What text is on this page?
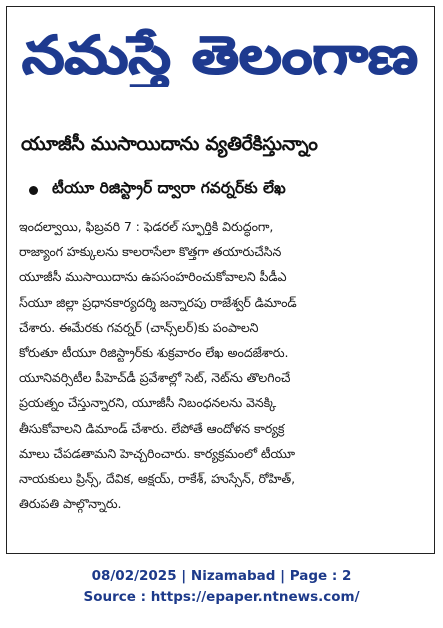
నమస్తే తెలంగాణ
యూజీసీ ముసాయిదాను వ్యతిరేకిస్తున్నాం
టీయూ రిజిస్ట్రార్ ద్వారా గవర్నర్‌కు లేఖ
ఇందల్వాయి, ఫిబ్రవరి 7 : ఫెడరల్ స్ఫూర్తికి విరుద్ధంగా,
రాజ్యాంగ హక్కులను కాలరాసేలా కొత్తగా తయారుచేసిన
యూజీసీ ముసాయిదాను ఉపసంహరించుకోవాలని పీడీఎ
స్‌యూ జిల్లా ప్రధానకార్యదర్శి జన్నారపు రాజేశ్వర్ డిమాండ్
చేశారు. ఈమేరకు గవర్నర్ (చాన్స్‌లర్)కు పంపాలని
కోరుతూ టీయూ రిజిస్ట్రార్‌కు శుక్రవారం లేఖ అందజేశారు.
యూనివర్సిటీల పీహెచ్‌డీ ప్రవేశాల్లో సెట్, నెట్‌ను తొలగించే
ప్రయత్నం చేస్తున్నారని, యూజీసీ నిబంధనలను వెనక్కి
తీసుకోవాలని డిమాండ్ చేశారు. లేపోతే ఆందోళన కార్యక్ర
మాలు చేపడతామని హెచ్చరించారు. కార్యక్రమంలో టీయూ
నాయకులు ప్రిన్స్, దేవిక, అక్షయ్, రాకేశ్, హుస్సేన్, రోహిత్,
తిరుపతి పాల్గొన్నారు.
08/02/2025 | Nizamabad | Page : 2
Source : https://epaper.ntnews.com/
